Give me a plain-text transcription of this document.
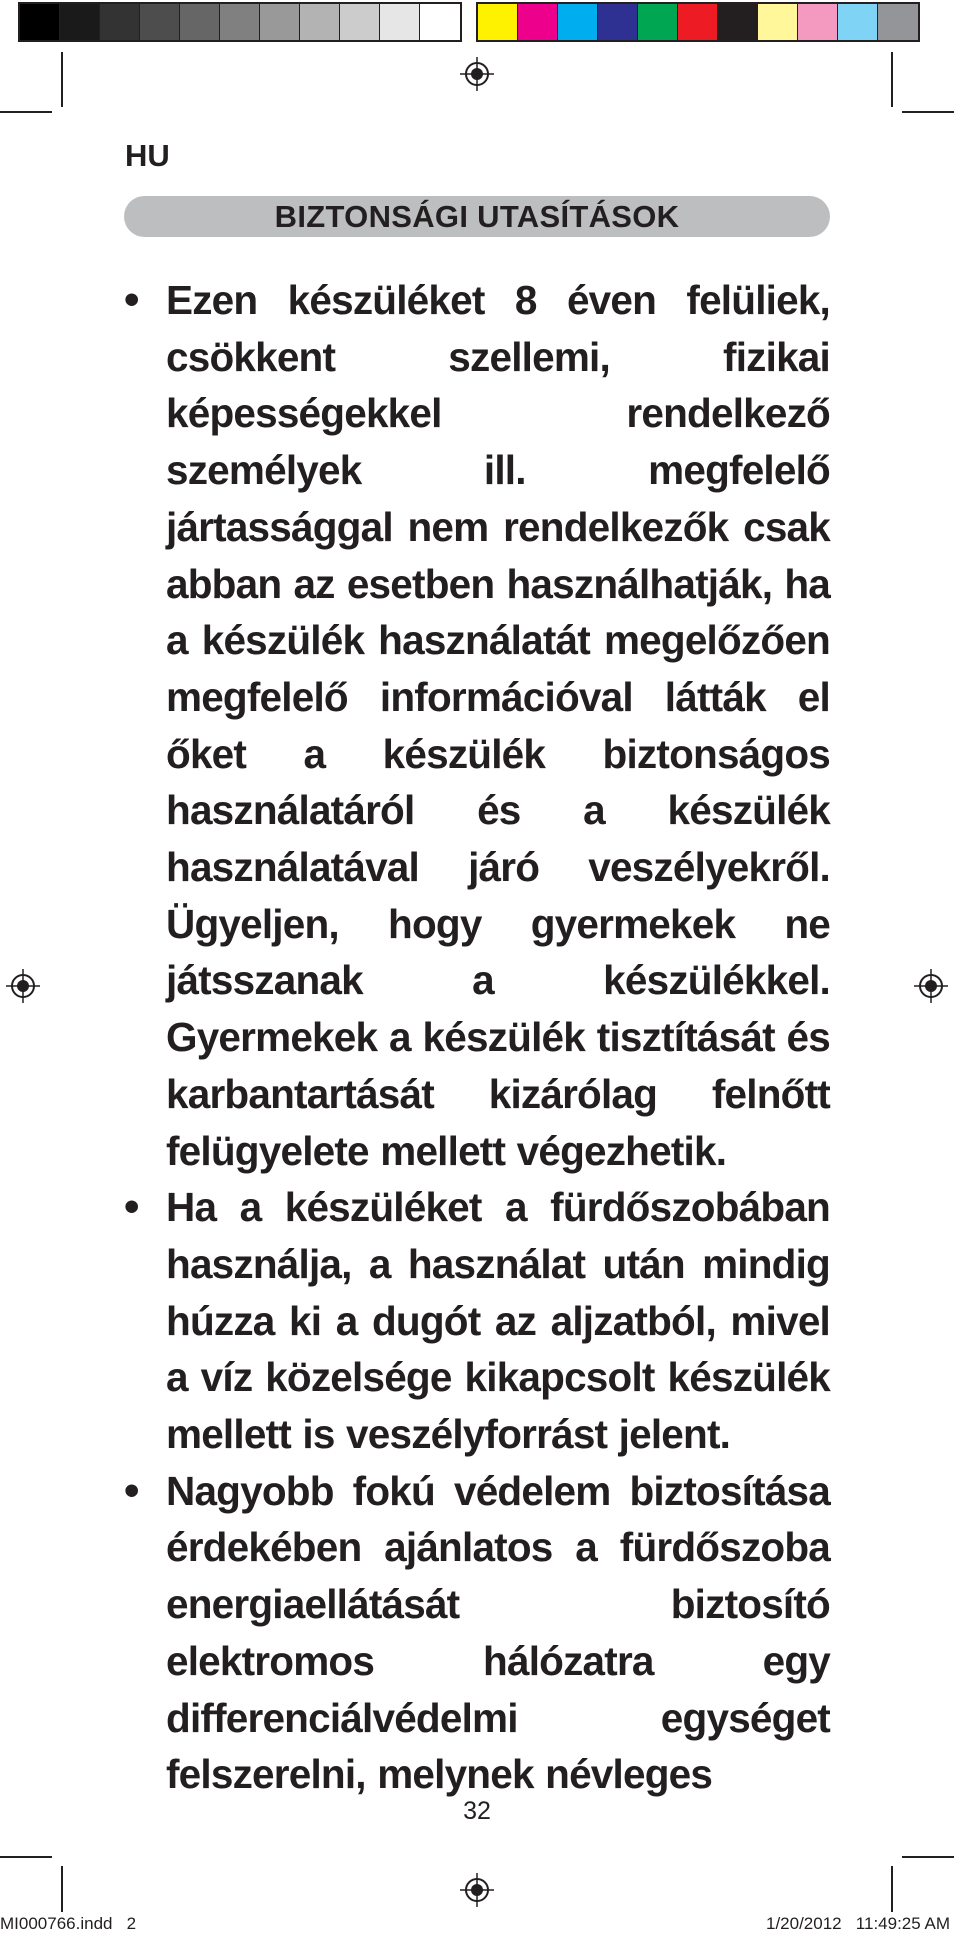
HU
BIZTONSÁGI UTASÍTÁSOK
• Ezen készüléket 8 éven felüliek, csökkent szellemi, fizikai képességekkel rendelkező személyek ill. megfelelő jártassággal nem rendelkezők csak abban az esetben használhatják, ha a készülék használatát megelőzően megfelelő információval látták el őket a készülék biztonságos használatáról és a készülék használatával járó veszélyekről. Ügyeljen, hogy gyermekek ne játsszanak a készülékkel. Gyermekek a készülék tisztítását és karbantartását kizárólag felnőtt felügyelete mellett végezhetik.
• Ha a készüléket a fürdőszobában használja, a használat után mindig húzza ki a dugót az aljzatból, mivel a víz közelsége kikapcsolt készülék mellett is veszélyforrást jelent.
• Nagyobb fokú védelem biztosítása érdekében ajánlatos a fürdőszoba energiaellátását biztosító elektromos hálózatra egy differenciálvédelmi egységet felszerelni, melynek névleges
32
MI000766.indd   2	1/20/2012   11:49:25 AM
